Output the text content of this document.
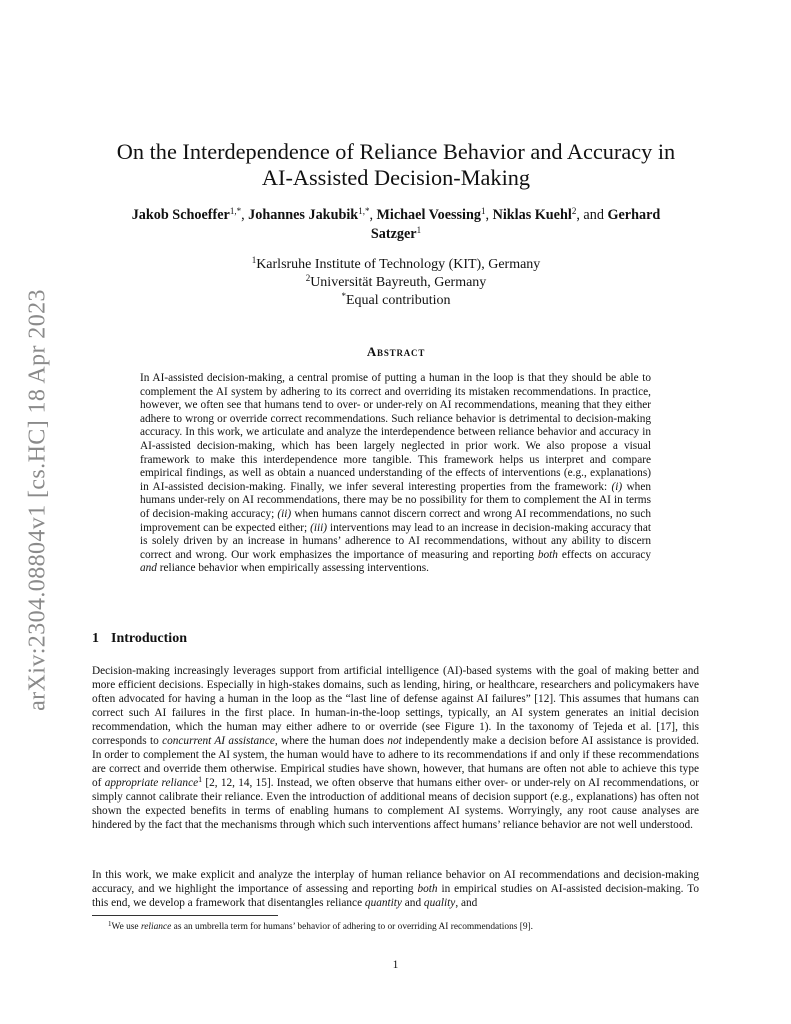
arXiv:2304.08804v1 [cs.HC] 18 Apr 2023
On the Interdependence of Reliance Behavior and Accuracy in
AI-Assisted Decision-Making
Jakob Schoeffer$^{1,*}$, Johannes Jakubik$^{1,*}$, Michael Voessing$^1$, Niklas Kuehl$^2$, and Gerhard
Satzger$^1$
$^1$Karlsruhe Institute of Technology (KIT), Germany
$^2$Universität Bayreuth, Germany
*Equal contribution
Abstract
In AI-assisted decision-making, a central promise of putting a human in the loop is that they should be able to complement the AI system by adhering to its correct and overriding its mistaken recommendations. In practice, however, we often see that humans tend to over- or under-rely on AI recommendations, meaning that they either adhere to wrong or override correct recommendations. Such reliance behavior is detrimental to decision-making accuracy. In this work, we articulate and analyze the interdependence between reliance behavior and accuracy in AI-assisted decision-making, which has been largely neglected in prior work. We also propose a visual framework to make this interdependence more tangible. This framework helps us interpret and compare empirical findings, as well as obtain a nuanced understanding of the effects of interventions (e.g., explanations) in AI-assisted decision-making. Finally, we infer several interesting properties from the framework: (i) when humans under-rely on AI recommendations, there may be no possibility for them to complement the AI in terms of decision-making accuracy; (ii) when humans cannot discern correct and wrong AI recommendations, no such improvement can be expected either; (iii) interventions may lead to an increase in decision-making accuracy that is solely driven by an increase in humans’ adherence to AI recommendations, without any ability to discern correct and wrong. Our work emphasizes the importance of measuring and reporting both effects on accuracy and reliance behavior when empirically assessing interventions.
1 Introduction
Decision-making increasingly leverages support from artificial intelligence (AI)-based systems with the goal of making better and more efficient decisions. Especially in high-stakes domains, such as lending, hiring, or healthcare, researchers and policymakers have often advocated for having a human in the loop as the “last line of defense against AI failures” [12]. This assumes that humans can correct such AI failures in the first place. In human-in-the-loop settings, typically, an AI system generates an initial decision recommendation, which the human may either adhere to or override (see Figure 1). In the taxonomy of Tejeda et al. [17], this corresponds to concurrent AI assistance, where the human does not independently make a decision before AI assistance is provided. In order to complement the AI system, the human would have to adhere to its recommendations if and only if these recommendations are correct and override them otherwise. Empirical studies have shown, however, that humans are often not able to achieve this type of appropriate reliance$^1$ [2, 12, 14, 15]. Instead, we often observe that humans either over- or under-rely on AI recommendations, or simply cannot calibrate their reliance. Even the introduction of additional means of decision support (e.g., explanations) has often not shown the expected benefits in terms of enabling humans to complement AI systems. Worryingly, any root cause analyses are hindered by the fact that the mechanisms through which such interventions affect humans’ reliance behavior are not well understood.
In this work, we make explicit and analyze the interplay of human reliance behavior on AI recommendations and decision-making accuracy, and we highlight the importance of assessing and reporting both in empirical studies on AI-assisted decision-making. To this end, we develop a framework that disentangles reliance quantity and quality, and
$^1$We use reliance as an umbrella term for humans’ behavior of adhering to or overriding AI recommendations [9].
1
